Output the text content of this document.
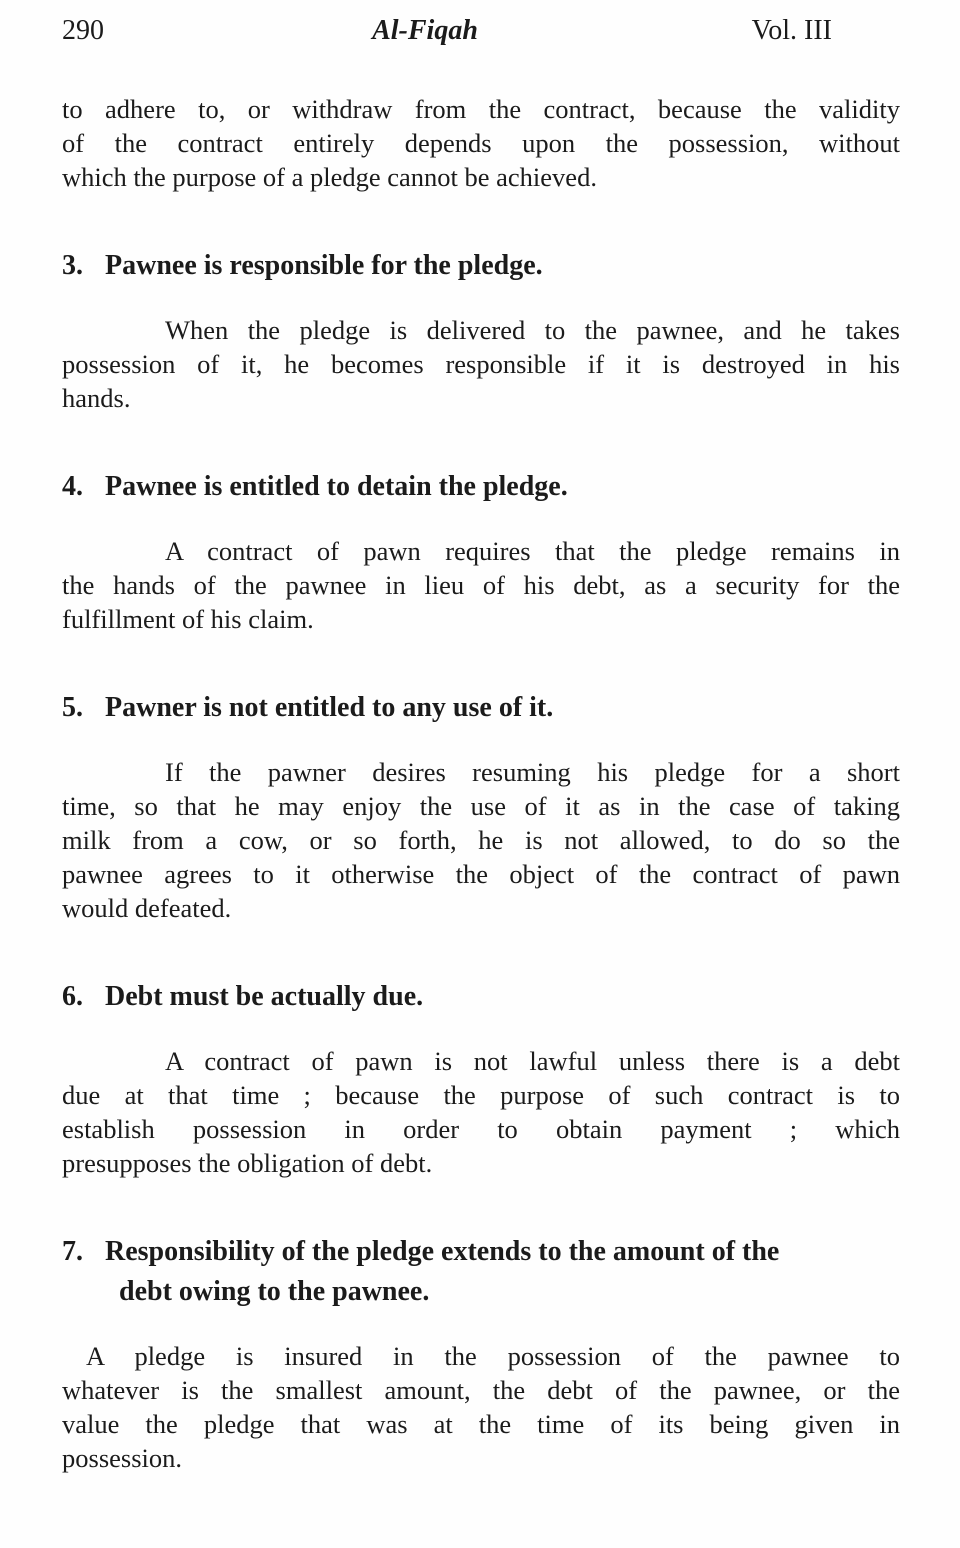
290	Al-Fiqah	Vol. III
to adhere to, or withdraw from the contract, because the validity
of the contract entirely depends upon the possession, without
which the purpose of a pledge cannot be achieved.
3. Pawnee is responsible for the pledge.
When the pledge is delivered to the pawnee, and he takes
possession of it, he becomes responsible if it is destroyed in his
hands.
4. Pawnee is entitled to detain the pledge.
A contract of pawn requires that the pledge remains in
the hands of the pawnee in lieu of his debt, as a security for the
fulfillment of his claim.
5. Pawner is not entitled to any use of it.
If the pawner desires resuming his pledge for a short
time, so that he may enjoy the use of it as in the case of taking
milk from a cow, or so forth, he is not allowed, to do so the
pawnee agrees to it otherwise the object of the contract of pawn
would defeated.
6. Debt must be actually due.
A contract of pawn is not lawful unless there is a debt
due at that time ; because the purpose of such contract is to
establish possession in order to obtain payment ; which
presupposes the obligation of debt.
7. Responsibility of the pledge extends to the amount of the
debt owing to the pawnee.
A pledge is insured in the possession of the pawnee to
whatever is the smallest amount, the debt of the pawnee, or the
value the pledge that was at the time of its being given in
possession.
